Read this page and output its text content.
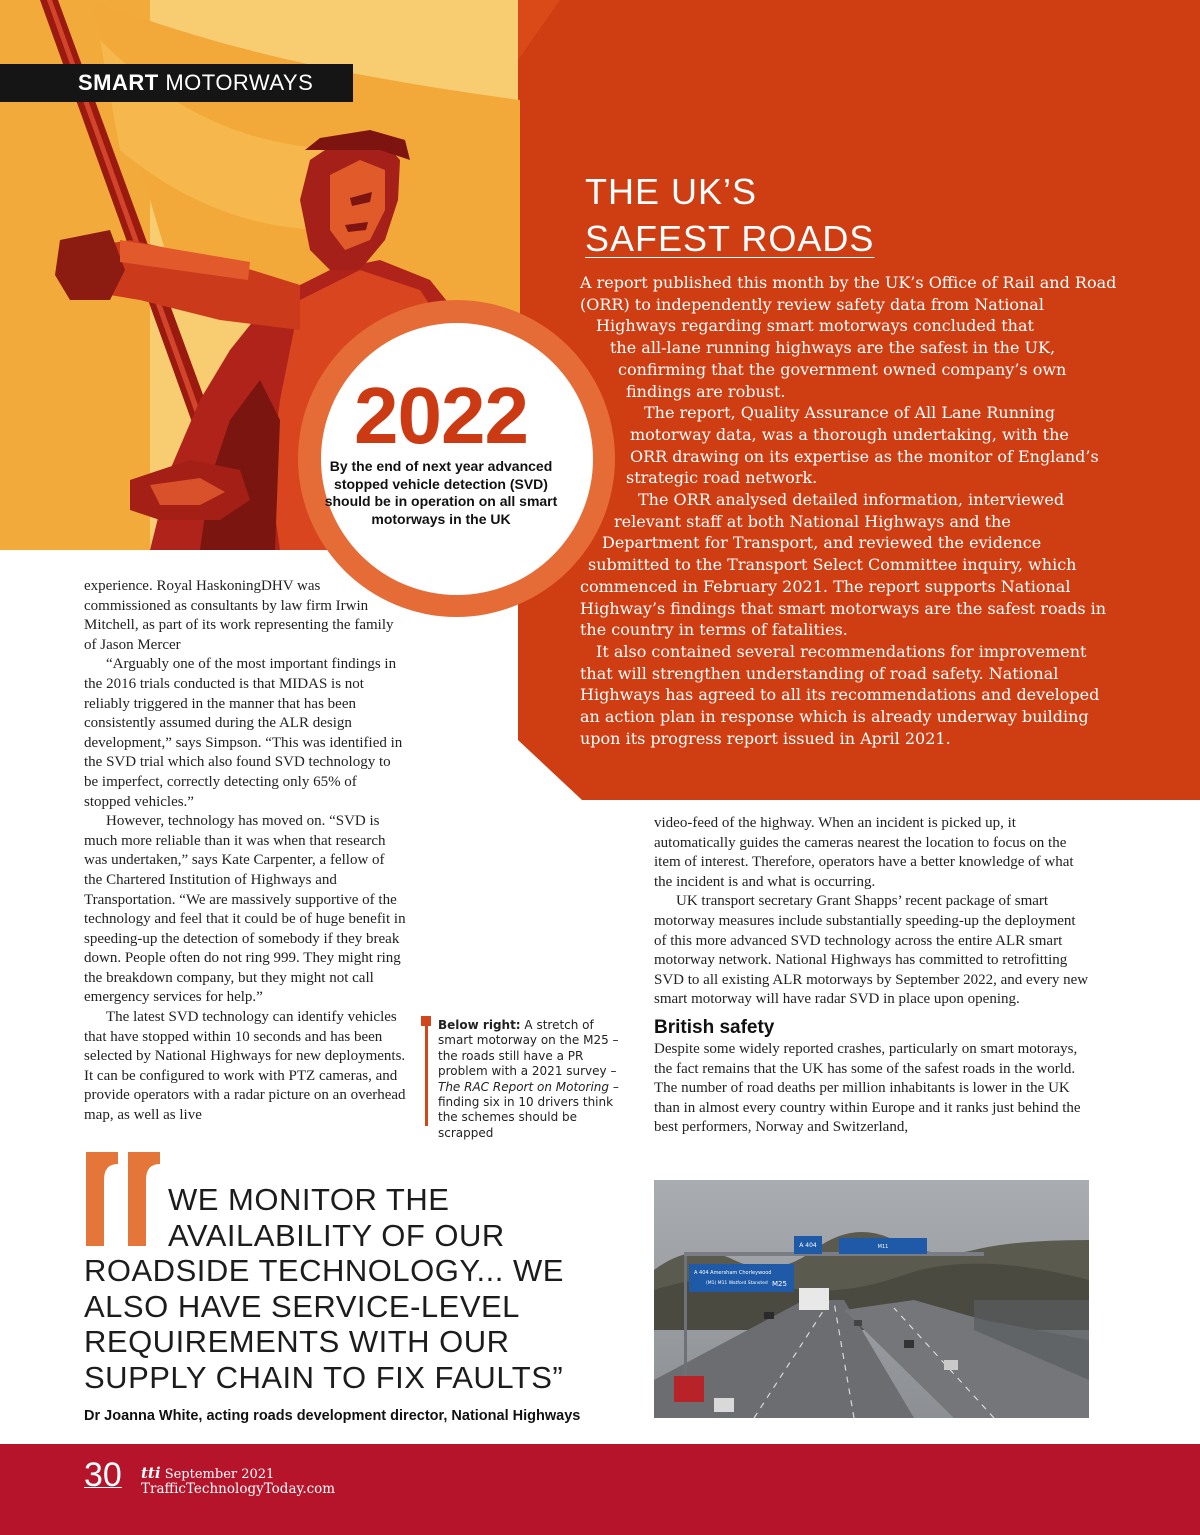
SMART MOTORWAYS
THE UK’S
SAFEST ROADS
A report published this month by the UK’s Office of Rail and Road
(ORR) to independently review safety data from National
Highways regarding smart motorways concluded that
the all-lane running highways are the safest in the UK,
confirming that the government owned company’s own
findings are robust.
The report, Quality Assurance of All Lane Running
motorway data, was a thorough undertaking, with the
ORR drawing on its expertise as the monitor of England’s
strategic road network.
The ORR analysed detailed information, interviewed
relevant staff at both National Highways and the
Department for Transport, and reviewed the evidence
submitted to the Transport Select Committee inquiry, which
commenced in February 2021. The report supports National
Highway’s findings that smart motorways are the safest roads in
the country in terms of fatalities.
It also contained several recommendations for improvement
that will strengthen understanding of road safety. National
Highways has agreed to all its recommendations and developed
an action plan in response which is already underway building
upon its progress report issued in April 2021.
2022
By the end of next year advanced stopped vehicle detection (SVD) should be in operation on all smart motorways in the UK

experience. Royal HaskoningDHV was commissioned as consultants by law firm Irwin Mitchell, as part of its work representing the family of Jason Mercer

“Arguably one of the most important findings in the 2016 trials conducted is that MIDAS is not reliably triggered in the manner that has been consistently assumed during the ALR design development,” says Simpson. “This was identified in the SVD trial which also found SVD technology to be imperfect, correctly detecting only 65% of stopped vehicles.”

However, technology has moved on. “SVD is much more reliable than it was when that research was undertaken,” says Kate Carpenter, a fellow of the Chartered Institution of Highways and Transportation. “We are massively supportive of the technology and feel that it could be of huge benefit in speeding-up the detection of somebody if they break down. People often do not ring 999. They might ring the breakdown company, but they might not call emergency services for help.”

The latest SVD technology can identify vehicles that have stopped within 10 seconds and has been selected by National Highways for new deployments. It can be configured to work with PTZ cameras, and provide operators with a radar picture on an overhead map, as well as live

Below right: A stretch of smart motorway on the M25 – the roads still have a PR problem with a 2021 survey – The RAC Report on Motoring – finding six in 10 drivers think the schemes should be scrapped

video-feed of the highway. When an incident is picked up, it automatically guides the cameras nearest the location to focus on the item of interest. Therefore, operators have a better knowledge of what the incident is and what is occurring.

UK transport secretary Grant Shapps’ recent package of smart motorway measures include substantially speeding-up the deployment of this more advanced SVD technology across the entire ALR smart motorway network. National Highways has committed to retrofitting SVD to all existing ALR motorways by September 2022, and every new smart motorway will have radar SVD in place upon opening.

British safety

Despite some widely reported crashes, particularly on smart motorays, the fact remains that the UK has some of the safest roads in the world. The number of road deaths per million inhabitants is lower in the UK than in almost every country within Europe and it ranks just behind the best performers, Norway and Switzerland,

WE MONITOR THE
AVAILABILITY OF OUR
ROADSIDE TECHNOLOGY... WE
ALSO HAVE SERVICE-LEVEL
REQUIREMENTS WITH OUR
SUPPLY CHAIN TO FIX FAULTS”
Dr Joanna White, acting roads development director, National Highways
A 404	M11
A 404 Amersham Chorleywood
(M1) M11 Watford Stansted M25
30 tti September 2021
TrafficTechnologyToday.com
